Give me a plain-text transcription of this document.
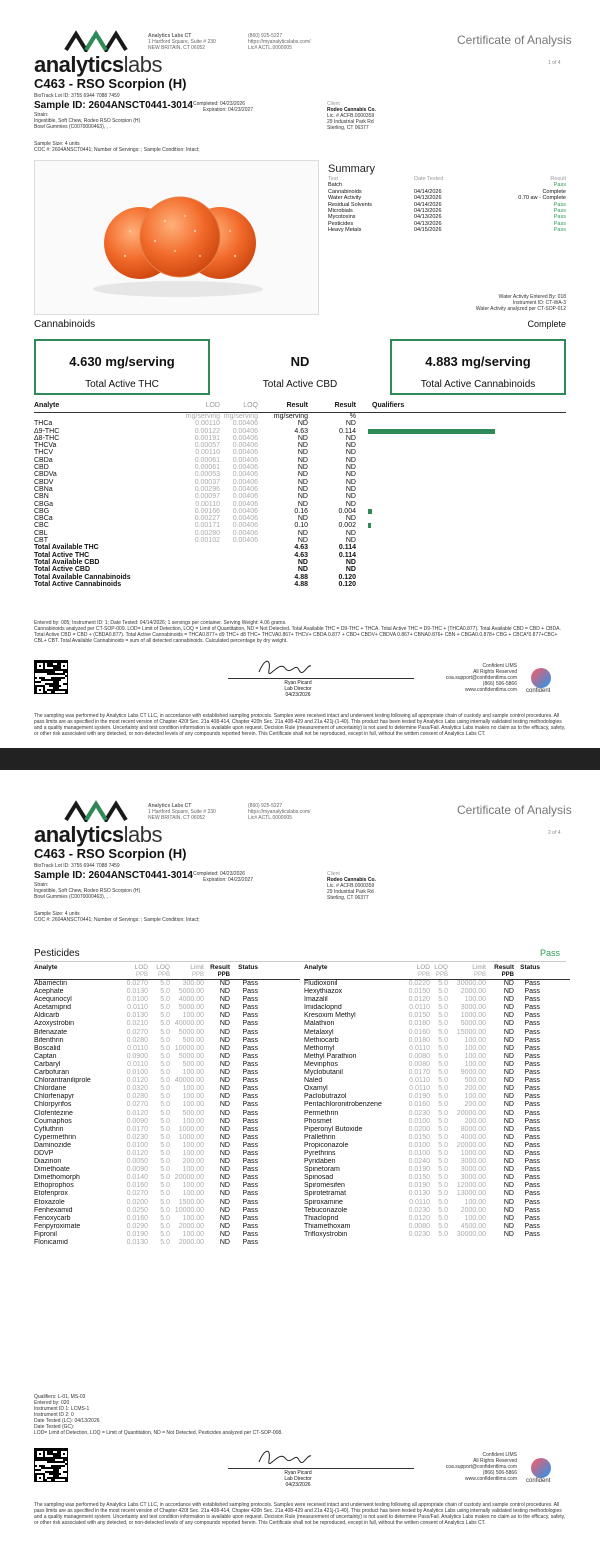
analyticslabs
Analytics Labs CT
1 Hartford Square, Suite # 230
NEW BRITAIN, CT 06052
(860) 925-5227
https://myanalyticslabs.com/
Lic# ACTL.0000005
Certificate of Analysis
1 of 4
C463 - RSO Scorpion (H)
BioTrack Lot ID: 3755 6944 7088 7459
Sample ID: 2604ANSCT0441-3014 Completed: 04/23/2026
Expiration: 04/23/2027
Client
Rodeo Cannabis Co.
Lic. # ACFB.0000359
29 Industrial Park Rd
Sterling, CT 06377
Strain:
Ingestible, Soft Chew, Rodeo RSO Scorpion (H)
Bowl Gummies (C0070000463), , .
Sample Size: 4 units
COC #: 2604ANSCT0441; Number of Servings: ; Sample Condition: Intact;
Summary
Test	Date Tested	Result
Batch	Pass
Cannabinoids	04/14/2026	Complete
Water Activity	04/13/2026	0.70 aw - Complete
Residual Solvents	04/14/2026	Pass
Microbials	04/13/2026	Pass
Mycotoxins	04/13/2026	Pass
Pesticides	04/13/2026	Pass
Heavy Metals	04/15/2026	Pass
Water Activity Entered By: 018
Instrument ID: CT-WA-3
Water Activity analyzed per CT-SOP-012
Cannabinoids	Complete
4.630 mg/serving
Total Active THC
ND
Total Active CBD
4.883 mg/serving
Total Active Cannabinoids
Analyte	LOD	LOQ	Result	Result	Qualifiers
mg/serving mg/serving	mg/serving	%
THCa	0.00110	0.00406	ND	ND
Δ9-THC	0.00122	0.00406	4.63	0.114
Δ8-THC	0.00191	0.00406	ND	ND
THCVa	0.00057	0.00406	ND	ND
THCV	0.00110	0.00406	ND	ND
CBDa	0.00061	0.00406	ND	ND
CBD	0.00061	0.00406	ND	ND
CBDVa	0.00053	0.00406	ND	ND
CBDV	0.00037	0.00406	ND	ND
CBNa	0.00296	0.00406	ND	ND
CBN	0.00097	0.00406	ND	ND
CBGa	0.00110	0.00406	ND	ND
CBG	0.00166	0.00406	0.16	0.004
CBCa	0.00227	0.00406	ND	ND
CBC	0.00171	0.00406	0.10	0.002
CBL	0.00280	0.00406	ND	ND
CBT	0.00102	0.00406	ND	ND
Total Available THC	4.63	0.114
Total Active THC	4.63	0.114
Total Available CBD	ND	ND
Total Active CBD	ND	ND
Total Available Cannabinoids	4.88	0.120
Total Active Cannabinoids	4.88	0.120
Entered by: 005; Instrument ID: 1; Date Tested: 04/14/2026; 1 servings per container. Serving Weight: 4.06 grams.
Cannabinoids analyzed per CT-SOP-009. LOD= Limit of Detection, LOQ = Limit of Quantitation, ND = Not Detected. Total Available THC = D9-THC + THCA. Total Active THC = D9-THC + (THCA0.877). Total Available CBD = CBD + CBDA. Total Active CBD = CBD + (CBDA0.877). Total Active Cannabinoids = THCA0.877+ d9 THC+ d8 THC+ THCVA0.867+ THCV+ CBDA 0.877 + CBD+ CBDV+ CBDVA 0.867+ CBNA0.876+ CBN + CBGA0.0.878+ CBG + CBCA*0.877+CBC+ CBL+ CBT. Total Available Cannabinoids = sum of all detected cannabinoids. Calculated percentage by dry weight.
Ryan Picard
Lab Director
04/23/2026
Confident LIMS
All Rights Reserved
coa.support@confidentlims.com
(866) 506-5866
www.confidentlims.com confident
The sampling was performed by Analytics Labs CT LLC, in accordance with established sampling protocols. Samples were received intact and underwent testing following all appropriate chain of custody and sample control procedures. All pass limits are as specified in the most recent version of Chapter 420f Sec. 21a 408-414, Chapter 420h Sec. 21a 408-429 and 21a 421j-(1-40). This product has been tested by Analytics Labs using internally validated testing methodologies and a quality management system. Uncertainty and test condition information is available upon request. Decision Rule (measurement of uncertainty) is not used to determine Pass/Fail. Analytics Labs makes no claim as to the efficacy, safety, or other risk associated with any detected, or non-detected levels of any compounds reported herein. This Certificate shall not be reproduced, except in full, without the written consent of Analytics Labs CT.
analyticslabs
Analytics Labs CT
1 Hartford Square, Suite # 230
NEW BRITAIN, CT 06052
(860) 925-5227
https://myanalyticslabs.com/
Lic# ACTL.0000005
Certificate of Analysis
2 of 4
C463 - RSO Scorpion (H)
BioTrack Lot ID: 3755 6944 7088 7459
Sample ID: 2604ANSCT0441-3014 Completed: 04/23/2026
Expiration: 04/23/2027
Client
Rodeo Cannabis Co.
Lic. # ACFB.0000359
29 Industrial Park Rd
Sterling, CT 06377
Strain:
Ingestible, Soft Chew, Rodeo RSO Scorpion (H)
Bowl Gummies (C0070000463), , .
Sample Size: 4 units
COC #: 2604ANSCT0441; Number of Servings: ; Sample Condition: Intact;
Pesticides	Pass
Analyte	LOD	LOQ	Limit Result	Status
PPB	PPB	PPB	PPB
Abamectin	0.0270	5.0	300.00	ND	Pass
Acephate	0.0130	5.0	5000.00	ND	Pass
Acequinocyl	0.0100	5.0	4000.00	ND	Pass
Acetamiprid	0.0110	5.0	5000.00	ND	Pass
Aldicarb	0.0130	5.0	100.00	ND	Pass
Azoxystrobin	0.0210	5.0 40000.00	ND	Pass
Bifenazate	0.0270	5.0	5000.00	ND	Pass
Bifenthrin	0.0280	5.0	500.00	ND	Pass
Boscalid	0.0110	5.0 10000.00	ND	Pass
Captan	0.0900	5.0	5000.00	ND	Pass
Carbaryl	0.0110	5.0	500.00	ND	Pass
Carbofuran	0.0100	5.0	100.00	ND	Pass
Chlorantraniliprole	0.0120	5.0 40000.00	ND	Pass
Chlordane	0.0320	5.0	100.00	ND	Pass
Chlorfenapyr	0.0280	5.0	100.00	ND	Pass
Chlorpyrifos	0.0270	5.0	100.00	ND	Pass
Clofentezine	0.0120	5.0	500.00	ND	Pass
Coumaphos	0.0090	5.0	100.00	ND	Pass
Cyfluthrin	0.0170	5.0	1000.00	ND	Pass
Cypermethrin	0.0230	5.0	1000.00	ND	Pass
Daminozide	0.0100	5.0	100.00	ND	Pass
DDVP	0.0120	5.0	100.00	ND	Pass
Diazinon	0.0050	5.0	200.00	ND	Pass
Dimethoate	0.0090	5.0	100.00	ND	Pass
Dimethomorph	0.0140	5.0 20000.00	ND	Pass
Ethoprophos	0.0160	5.0	100.00	ND	Pass
Etofenprox	0.0270	5.0	100.00	ND	Pass
Etoxazole	0.0200	5.0	1500.00	ND	Pass
Fenhexamid	0.0250	5.0 10000.00	ND	Pass
Fenoxycarb	0.0160	5.0	100.00	ND	Pass
Fenpyroximate	0.0290	5.0	2000.00	ND	Pass
Fipronil	0.0190	5.0	100.00	ND	Pass
Flonicamid	0.0130	5.0	2000.00	ND	Pass
Analyte	LOD LOQ	Limit	Result Status
PPB PPB	PPB	PPB
Fludioxonil	0.0220	5.0	30000.00	ND	Pass
Hexythiazox	0.0150	5.0	2000.00	ND	Pass
Imazalil	0.0120	5.0	100.00	ND	Pass
Imidacloprid	0.0110	5.0	3000.00	ND	Pass
Kresoxim Methyl	0.0150	5.0	1000.00	ND	Pass
Malathion	0.0180	5.0	5000.00	ND	Pass
Metalaxyl	0.0160	5.0	15000.00	ND	Pass
Methiocarb	0.0180	5.0	100.00	ND	Pass
Methomyl	0.0110	5.0	100.00	ND	Pass
Methyl Parathion	0.0080	5.0	100.00	ND	Pass
Mevinphos	0.0080	5.0	100.00	ND	Pass
Myclobutanil	0.0170	5.0	9000.00	ND	Pass
Naled	0.0110	5.0	500.00	ND	Pass
Oxamyl	0.0110	5.0	200.00	ND	Pass
Paclobutrazol	0.0190	5.0	100.00	ND	Pass
Pentachloronitrobenzene	0.0160	5.0	200.00	ND	Pass
Permethrin	0.0230	5.0	20000.00	ND	Pass
Phosmet	0.0100	5.0	200.00	ND	Pass
Piperonyl Butoxide	0.0200	5.0	8000.00	ND	Pass
Prallethrin	0.0150	5.0	4000.00	ND	Pass
Propiconazole	0.0100	5.0	20000.00	ND	Pass
Pyrethrins	0.0100	5.0	1000.00	ND	Pass
Pyridaben	0.0240	5.0	3000.00	ND	Pass
Spinetoram	0.0190	5.0	3000.00	ND	Pass
Spinosad	0.0150	5.0	3000.00	ND	Pass
Spiromesifen	0.0190	5.0	12000.00	ND	Pass
Spirotetramat	0.0130	5.0	13000.00	ND	Pass
Spiroxamine	0.0110	5.0	100.00	ND	Pass
Tebuconazole	0.0230	5.0	2000.00	ND	Pass
Thiacloprid	0.0120	5.0	100.00	ND	Pass
Thiamethoxam	0.0080	5.0	4500.00	ND	Pass
Trifloxystrobin	0.0230	5.0	30000.00	ND	Pass
Qualifiers: L-01, MS-03
Entered by: 020
Instrument ID 1: LCMS-1
Instrument ID 2: 0
Date Tested (LC): 04/13/2026
Date Tested (GC):
LOD= Limit of Detection, LOQ = Limit of Quantitation, ND = Not Detected. Pesticides analyzed per CT-SOP-008.
Ryan Picard
Lab Director
04/23/2026
Confident LIMS
All Rights Reserved
coa.support@confidentlims.com
(866) 506-5866
www.confidentlims.com confident
The sampling was performed by Analytics Labs CT LLC, in accordance with established sampling protocols. Samples were received intact and underwent testing following all appropriate chain of custody and sample control procedures. All pass limits are as specified in the most recent version of Chapter 420f Sec. 21a 408-414, Chapter 420h Sec. 21a 408-429 and 21a 421j-(1-40). This product has been tested by Analytics Labs using internally validated testing methodologies and a quality management system. Uncertainty and test condition information is available upon request. Decision Rule (measurement of uncertainty) is not used to determine Pass/Fail. Analytics Labs makes no claim as to the efficacy, safety, or other risk associated with any detected, or non-detected levels of any compounds reported herein. This Certificate shall not be reproduced, except in full, without the written consent of Analytics Labs CT.
